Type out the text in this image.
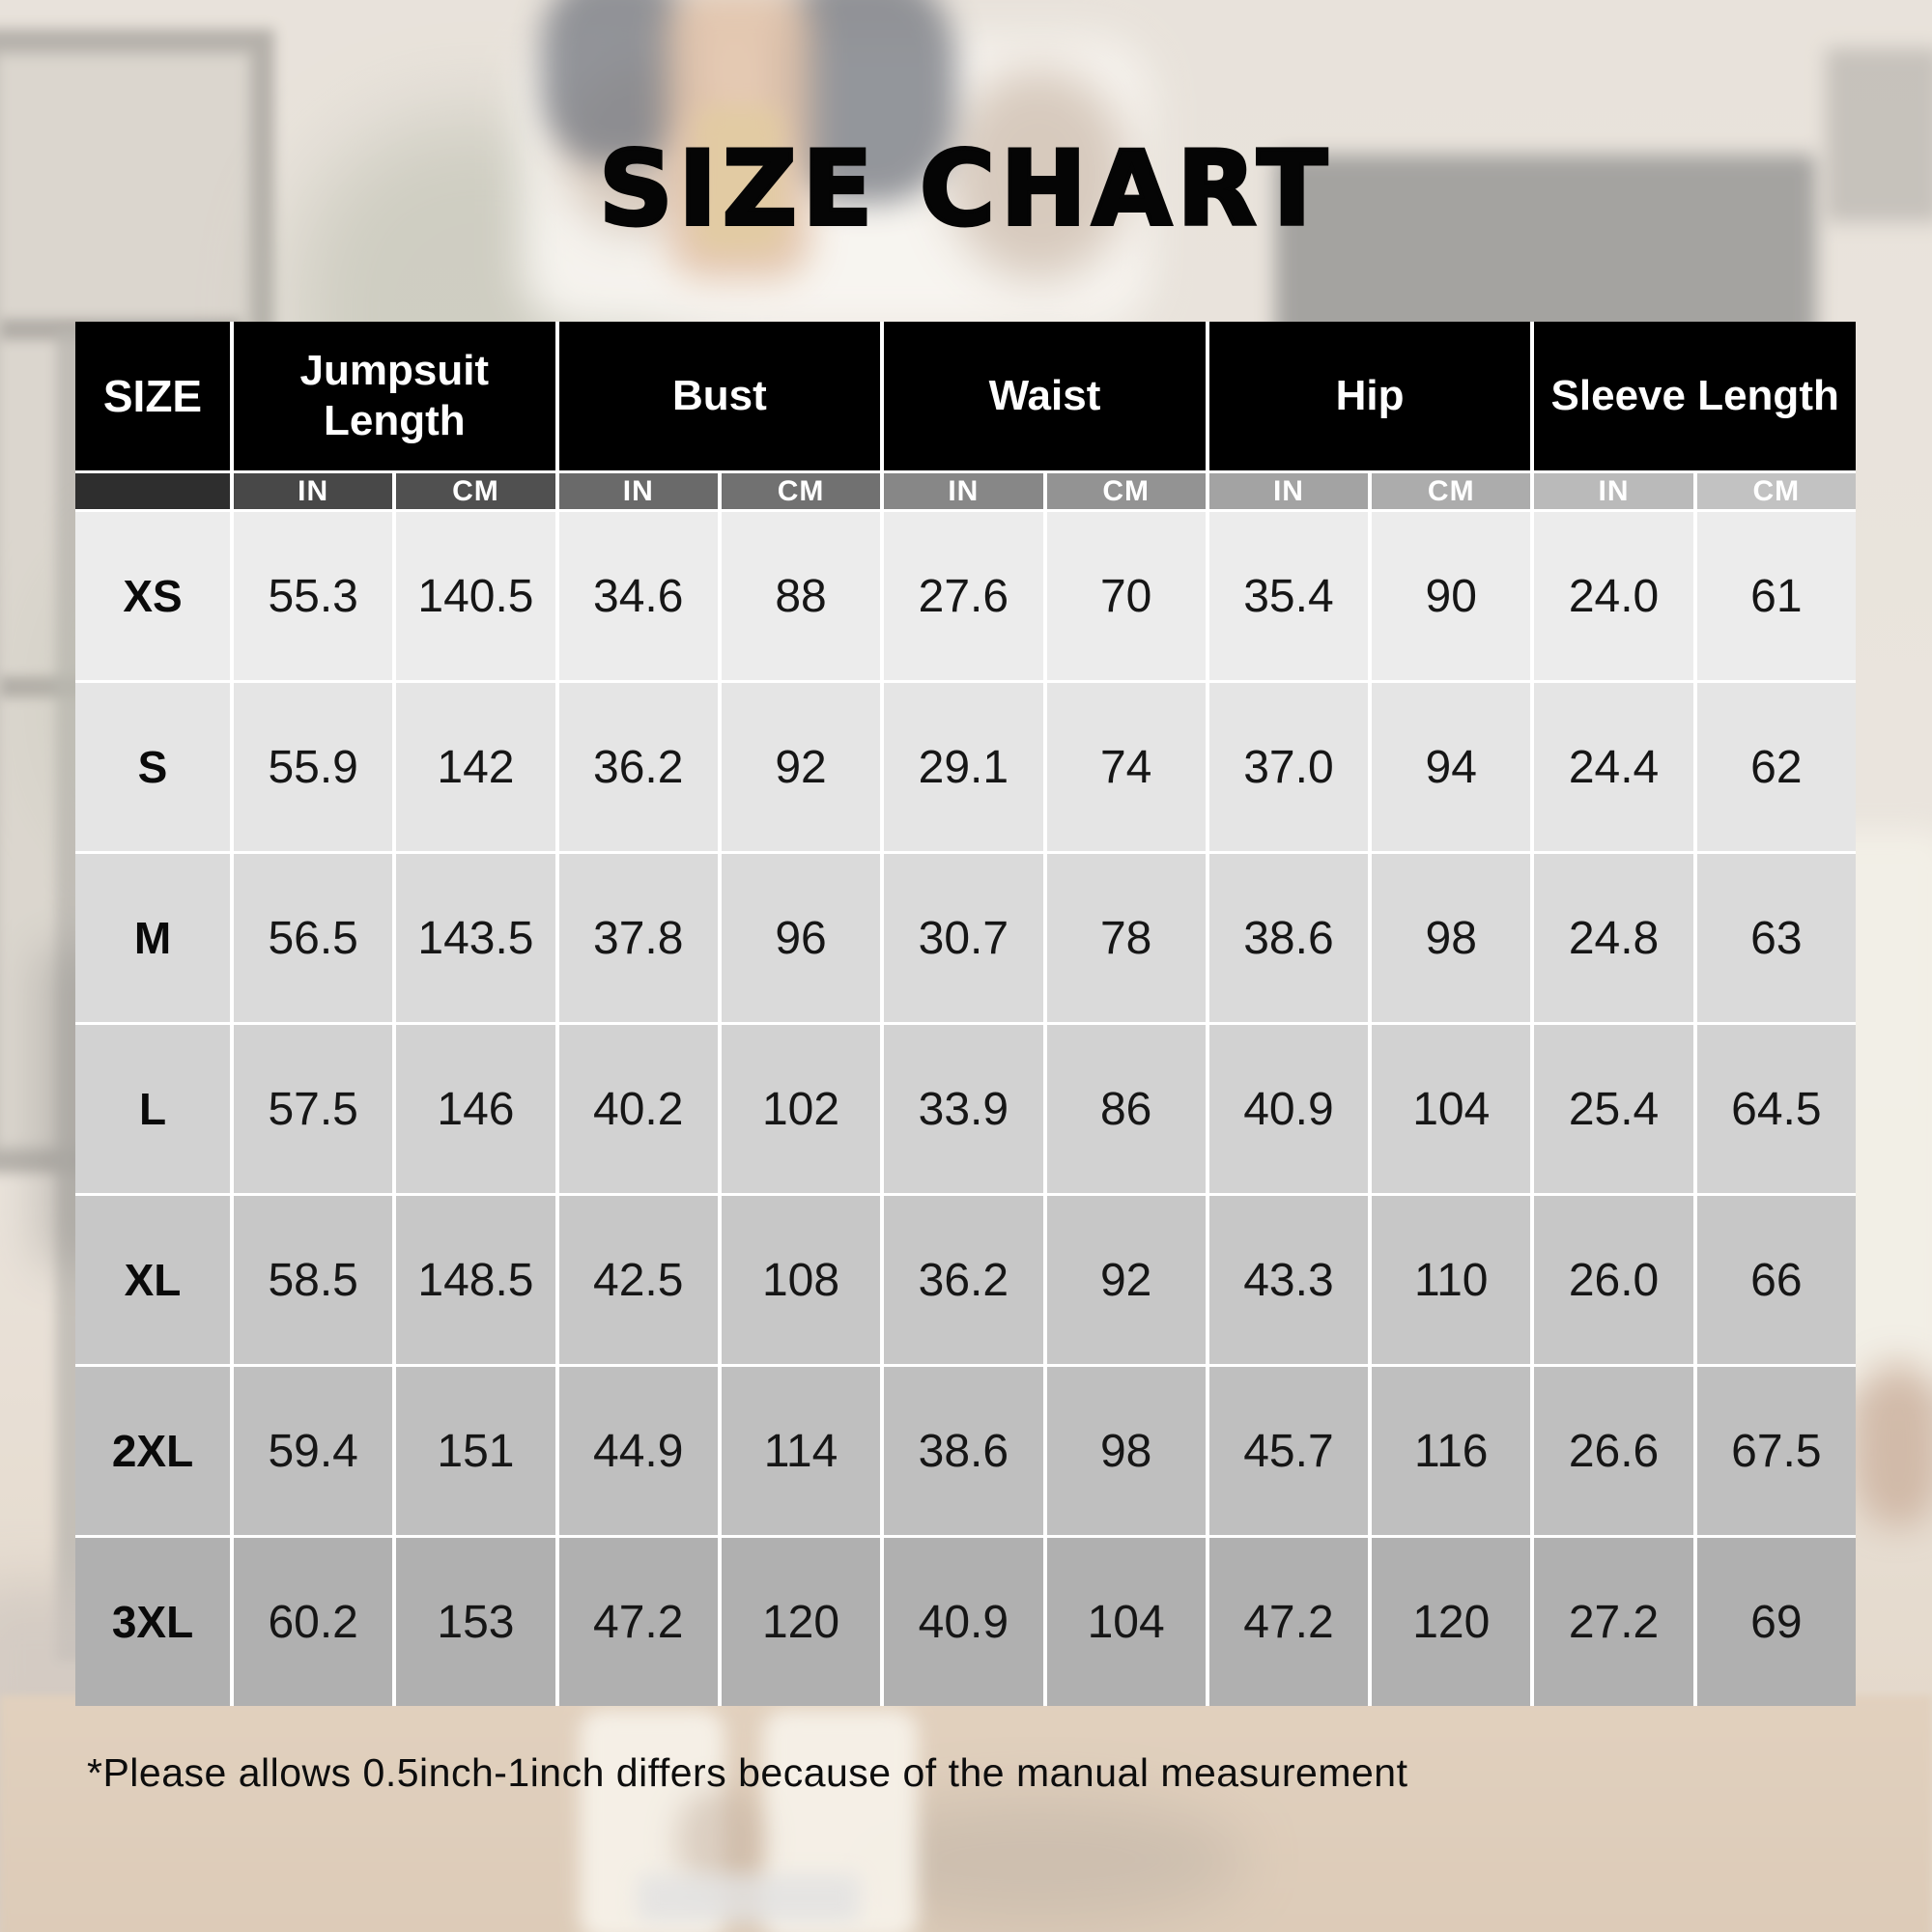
SIZE CHART
SIZE
Jumpsuit Length
Bust	Waist	Hip	Sleeve Length
IN	CM	IN	CM	IN	CM	IN	CM	IN	CM
XS	55.3	140.5	34.6	88	27.6	70	35.4	90	24.0	61
S	55.9	142	36.2	92	29.1	74	37.0	94	24.4	62
M	56.5	143.5	37.8	96	30.7	78	38.6	98	24.8	63
L	57.5	146	40.2	102	33.9	86	40.9	104	25.4	64.5
XL	58.5	148.5	42.5	108	36.2	92	43.3	110	26.0	66
2XL	59.4	151	44.9	114	38.6	98	45.7	116	26.6	67.5
3XL	60.2	153	47.2	120	40.9	104	47.2	120	27.2	69

*Please allows 0.5inch-1inch differs because of the manual measurement
